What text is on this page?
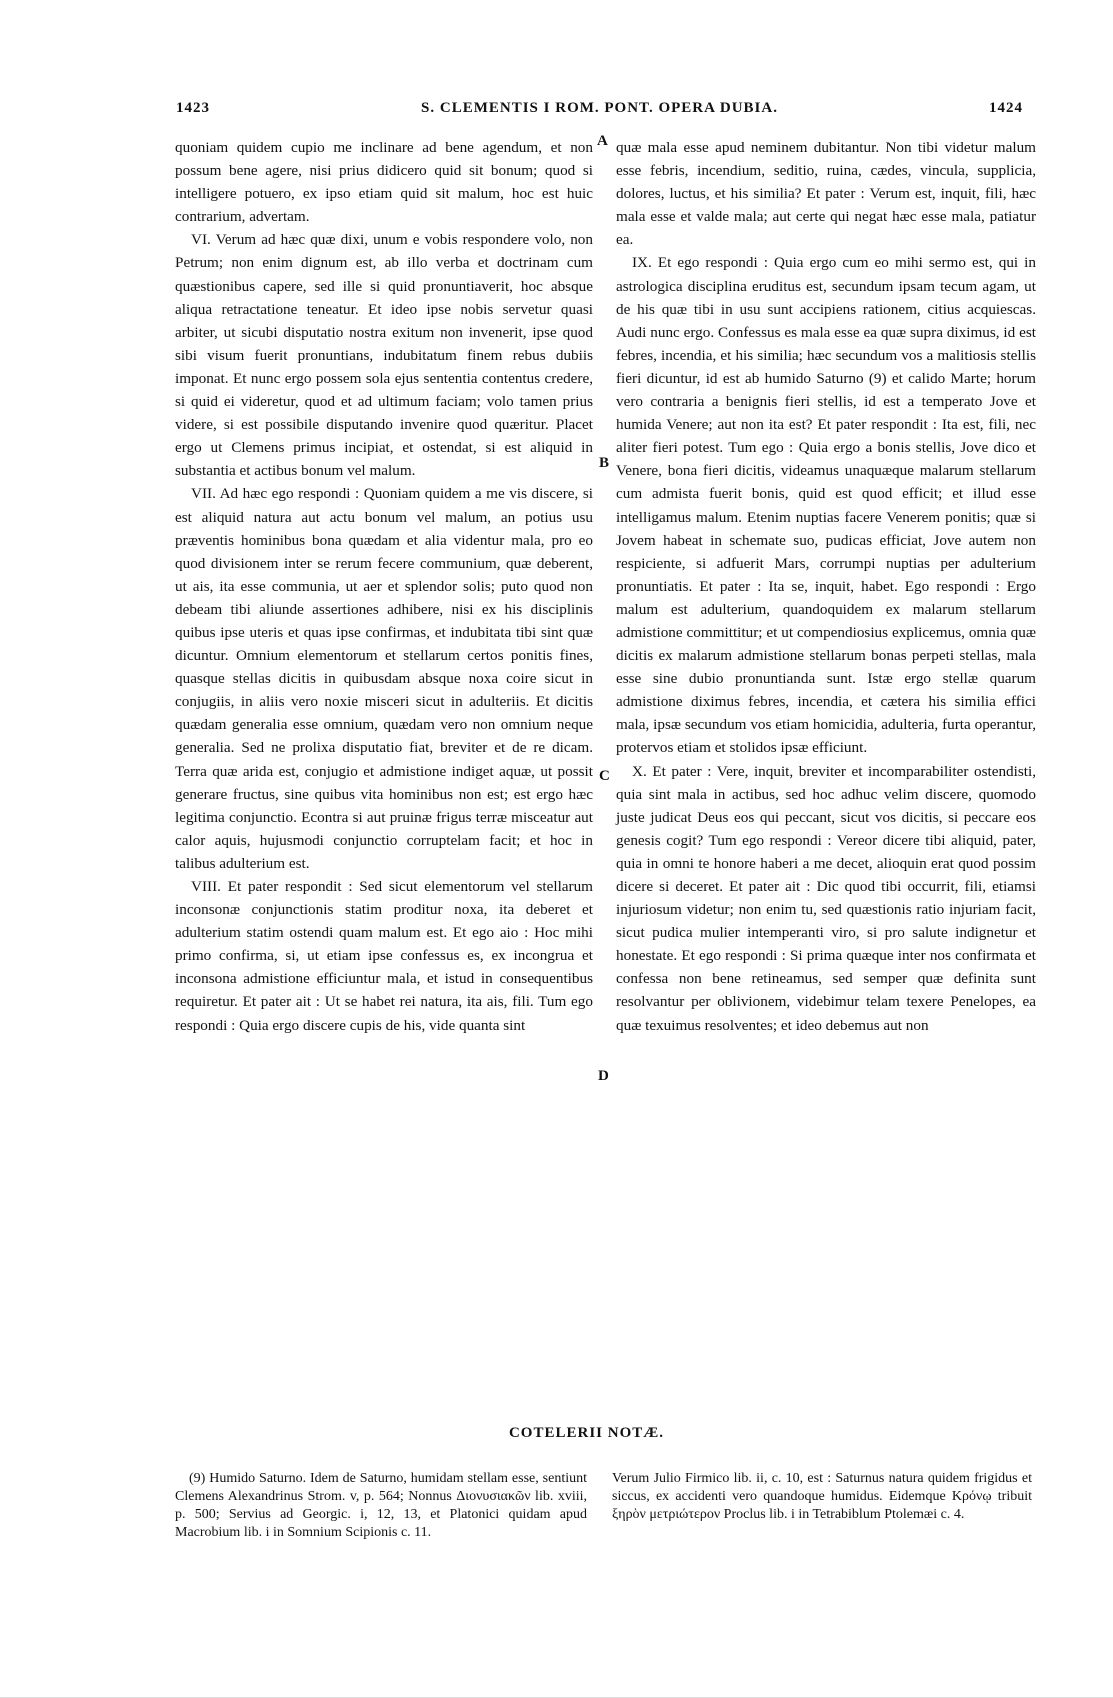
1423	S. CLEMENTIS I ROM. PONT. OPERA DUBIA.	1424

quoniam quidem cupio me inclinare ad bene agendum, et non possum bene agere, nisi prius didicero quid sit bonum; quod si intelligere potuero, ex ipso etiam quid sit malum, hoc est huic contrarium, advertam.

VI. Verum ad hæc quæ dixi, unum e vobis respondere volo, non Petrum; non enim dignum est, ab illo verba et doctrinam cum quæstionibus capere, sed ille si quid pronuntiaverit, hoc absque aliqua retractatione teneatur. Et ideo ipse nobis servetur quasi arbiter, ut sicubi disputatio nostra exitum non invenerit, ipse quod sibi visum fuerit pronuntians, indubitatum finem rebus dubiis imponat. Et nunc ergo possem sola ejus sententia contentus credere, si quid ei videretur, quod et ad ultimum faciam; volo tamen prius videre, si est possibile disputando invenire quod quæritur. Placet ergo ut Clemens primus incipiat, et ostendat, si est aliquid in substantia et actibus bonum vel malum.

VII. Ad hæc ego respondi : Quoniam quidem a me vis discere, si est aliquid natura aut actu bonum vel malum, an potius usu præventis hominibus bona quædam et alia videntur mala, pro eo quod divisionem inter se rerum fecere communium, quæ deberent, ut ais, ita esse communia, ut aer et splendor solis; puto quod non debeam tibi aliunde assertiones adhibere, nisi ex his disciplinis quibus ipse uteris et quas ipse confirmas, et indubitata tibi sint quæ dicuntur. Omnium elementorum et stellarum certos ponitis fines, quasque stellas dicitis in quibusdam absque noxa coire sicut in conjugiis, in aliis vero noxie misceri sicut in adulteriis. Et dicitis quædam generalia esse omnium, quædam vero non omnium neque generalia. Sed ne prolixa disputatio fiat, breviter et de re dicam. Terra quæ arida est, conjugio et admistione indiget aquæ, ut possit generare fructus, sine quibus vita hominibus non est; est ergo hæc legitima conjunctio. Econtra si aut pruinæ frigus terræ misceatur aut calor aquis, hujusmodi conjunctio corruptelam facit; et hoc in talibus adulterium est.

VIII. Et pater respondit : Sed sicut elementorum vel stellarum inconsonæ conjunctionis statim proditur noxa, ita deberet et adulterium statim ostendi quam malum est. Et ego aio : Hoc mihi primo confirma, si, ut etiam ipse confessus es, ex incongrua et inconsona admistione efficiuntur mala, et istud in consequentibus requiretur. Et pater ait : Ut se habet rei natura, ita ais, fili. Tum ego respondi : Quia ergo discere cupis de his, vide quanta sint

A
B
C
D

quæ mala esse apud neminem dubitantur. Non tibi videtur malum esse febris, incendium, seditio, ruina, cædes, vincula, supplicia, dolores, luctus, et his similia? Et pater : Verum est, inquit, fili, hæc mala esse et valde mala; aut certe qui negat hæc esse mala, patiatur ea.

IX. Et ego respondi : Quia ergo cum eo mihi sermo est, qui in astrologica disciplina eruditus est, secundum ipsam tecum agam, ut de his quæ tibi in usu sunt accipiens rationem, citius acquiescas. Audi nunc ergo. Confessus es mala esse ea quæ supra diximus, id est febres, incendia, et his similia; hæc secundum vos a malitiosis stellis fieri dicuntur, id est ab humido Saturno (9) et calido Marte; horum vero contraria a benignis fieri stellis, id est a temperato Jove et humida Venere; aut non ita est? Et pater respondit : Ita est, fili, nec aliter fieri potest. Tum ego : Quia ergo a bonis stellis, Jove dico et Venere, bona fieri dicitis, videamus unaquæque malarum stellarum cum admista fuerit bonis, quid est quod efficit; et illud esse intelligamus malum. Etenim nuptias facere Venerem ponitis; quæ si Jovem habeat in schemate suo, pudicas efficiat, Jove autem non respiciente, si adfuerit Mars, corrumpi nuptias per adulterium pronuntiatis. Et pater : Ita se, inquit, habet. Ego respondi : Ergo malum est adulterium, quandoquidem ex malarum stellarum admistione committitur; et ut compendiosius explicemus, omnia quæ dicitis ex malarum admistione stellarum bonas perpeti stellas, mala esse sine dubio pronuntianda sunt. Istæ ergo stellæ quarum admistione diximus febres, incendia, et cætera his similia effici mala, ipsæ secundum vos etiam homicidia, adulteria, furta operantur, protervos etiam et stolidos ipsæ efficiunt.

X. Et pater : Vere, inquit, breviter et incomparabiliter ostendisti, quia sint mala in actibus, sed hoc adhuc velim discere, quomodo juste judicat Deus eos qui peccant, sicut vos dicitis, si peccare eos genesis cogit? Tum ego respondi : Vereor dicere tibi aliquid, pater, quia in omni te honore haberi a me decet, alioquin erat quod possim dicere si deceret. Et pater ait : Dic quod tibi occurrit, fili, etiamsi injuriosum videtur; non enim tu, sed quæstionis ratio injuriam facit, sicut pudica mulier intemperanti viro, si pro salute indignetur et honestate. Et ego respondi : Si prima quæque inter nos confirmata et confessa non bene retineamus, sed semper quæ definita sunt resolvantur per oblivionem, videbimur telam texere Penelopes, ea quæ texuimus resolventes; et ideo debemus aut non

COTELERII NOTÆ.
(9) Humido Saturno. Idem de Saturno, humidam stellam esse, sentiunt Clemens Alexandrinus Strom. v, p. 564; Nonnus Διονυσιακῶν lib. xviii, p. 500; Servius ad Georgic. i, 12, 13, et Platonici quidam apud Macrobium lib. i in Somnium Scipionis c. 11.
Verum Julio Firmico lib. ii, c. 10, est : Saturnus natura quidem frigidus et siccus, ex accidenti vero quandoque humidus. Eidemque Κρόνῳ tribuit ξηρὸν μετριώτερον Proclus lib. i in Tetrabiblum Ptolemæi c. 4.
